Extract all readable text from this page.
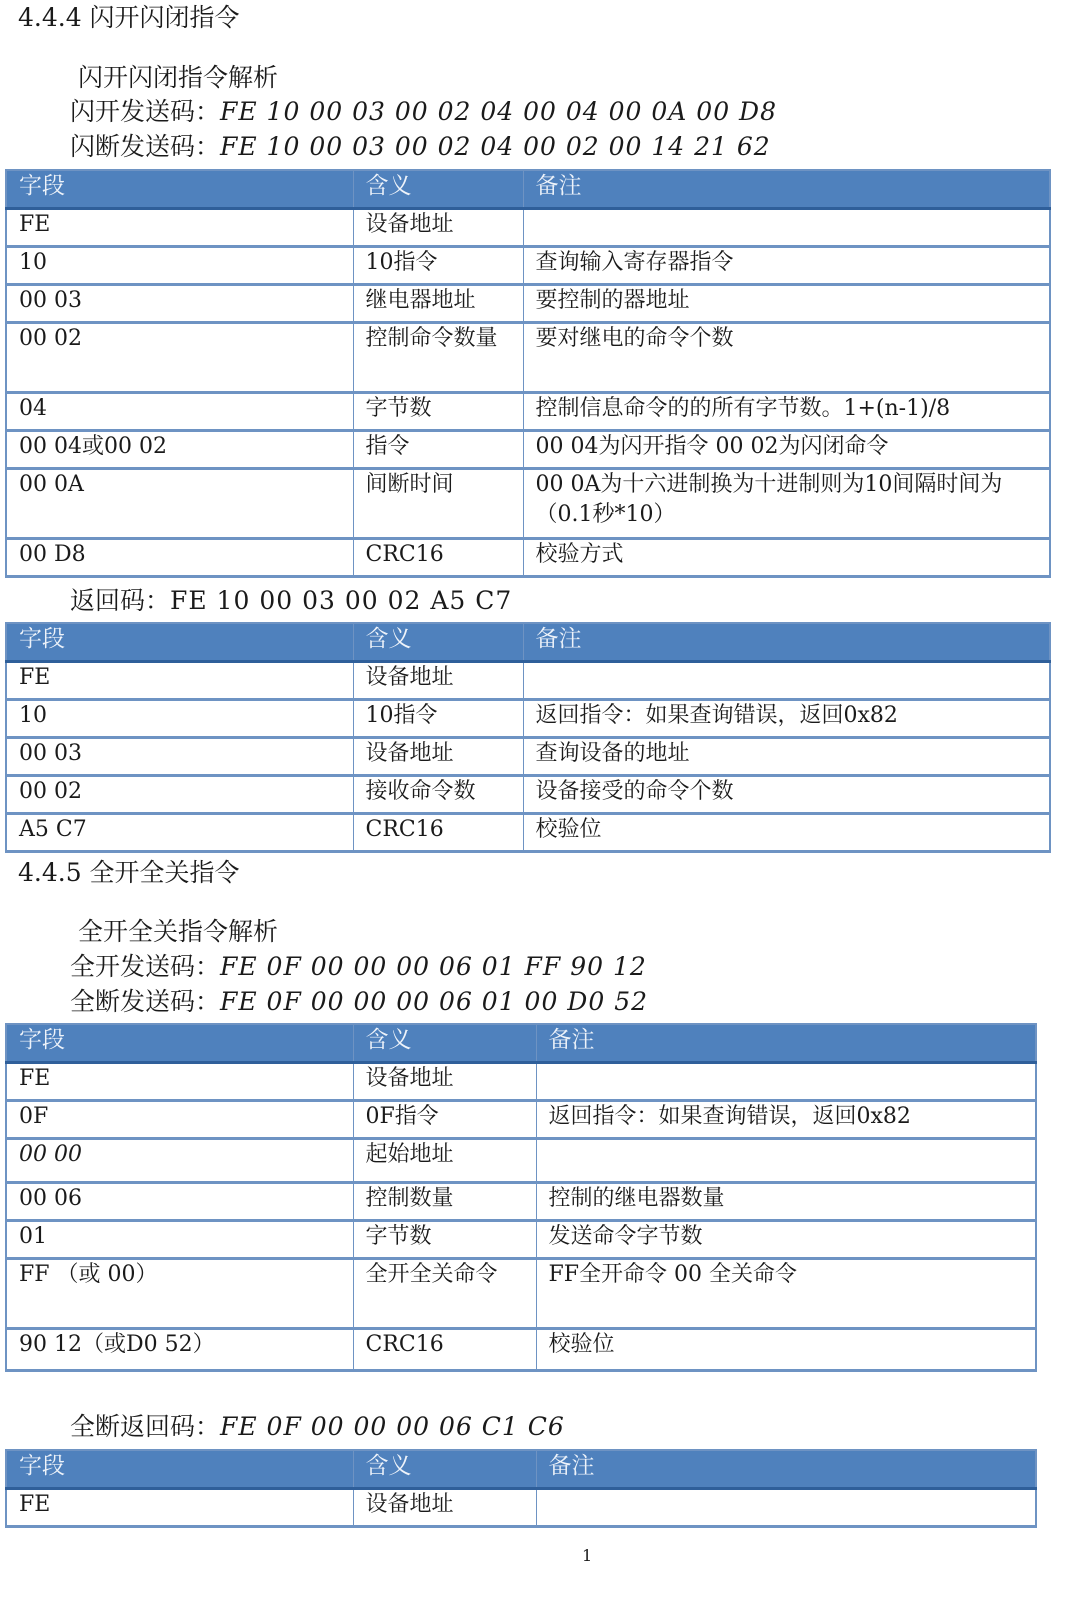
4.4.4 闪开闪闭指令
闪开闪闭指令解析
闪开发送码：FE 10 00 03 00 02 04 00 04 00 0A 00 D8
闪断发送码：FE 10 00 03 00 02 04 00 02 00 14 21 62
字段	含义	备注
FE	设备地址	
10	10指令	查询输入寄存器指令
00 03	继电器地址	要控制的器地址
00 02	控制命令数量	要对继电的命令个数
04	字节数	控制信息命令的的所有字节数。1+(n-1)/8
00 04或00 02	指令	00 04为闪开指令 00 02为闪闭命令
00 0A	间断时间	00 0A为十六进制换为十进制则为10间隔时间为（0.1秒*10）
00 D8	CRC16	校验方式
返回码：FE 10 00 03 00 02 A5 C7
字段	含义	备注
FE	设备地址	
10	10指令	返回指令：如果查询错误，返回0x82
00 03	设备地址	查询设备的地址
00 02	接收命令数	设备接受的命令个数
A5 C7	CRC16	校验位
4.4.5 全开全关指令
全开全关指令解析
全开发送码：FE 0F 00 00 00 06 01 FF 90 12
全断发送码：FE 0F 00 00 00 06 01 00 D0 52
字段	含义	备注
FE	设备地址	
0F	0F指令	返回指令：如果查询错误，返回0x82
00 00	起始地址	
00 06	控制数量	控制的继电器数量
01	字节数	发送命令字节数
FF （或 00）	全开全关命令	FF全开命令 00 全关命令
90 12（或D0 52）	CRC16	校验位
全断返回码：FE 0F 00 00 00 06 C1 C6
字段	含义	备注
FE	设备地址	
1
